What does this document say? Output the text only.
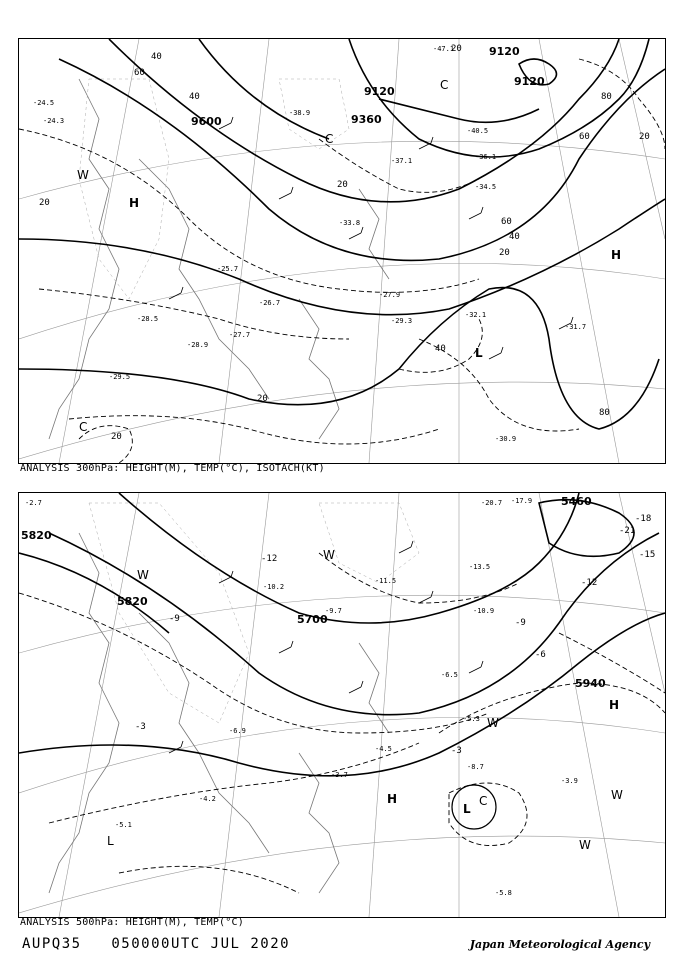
9600
9120
9120
9120
9360
40
60
20
40
60
80
20
20
40
60	20
40
20
20
20
80
H
H
L
C
C
C
W
-24.5
-24.3
-28.5
-29.5
-25.7
-27.7
-33.8
-37.1	-36.1
-29.3
-32.1
-31.7
-30.9
-27.9
-38.9
-28.9
-26.7
-34.5
-40.5
-47.1
ANALYSIS 300hPa: HEIGHT(M), TEMP(°C), ISOTACH(KT)
5820
5820
5700
5940
5460
-12
-21
-18
-15
-12
-9
-6
-3
-9
-3
H
H
L
L
W
W
W
W
C
W
-20.7 -17.9
-11.5
-10.9
-13.5
-9.7
-6.5
-4.5
-5.3
-8.7
-3.9
-3.7
-4.2
-5.8
-6.9
-2.7
-5.1
-10.2
ANALYSIS 500hPa: HEIGHT(M), TEMP(°C)
AUPQ35 050000UTC JUL 2020	Japan Meteorological Agency
